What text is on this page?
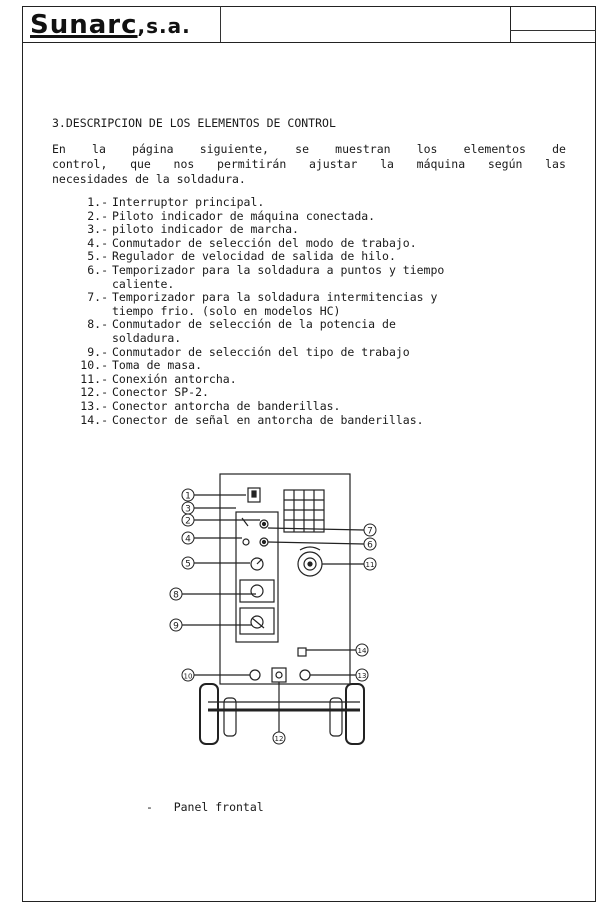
Sunarc,s.a.
3.DESCRIPCION DE LOS ELEMENTOS DE CONTROL
En la página siguiente, se muestran los elementos de
control, que nos permitirán ajustar la máquina según las
necesidades de la soldadura.
1.- Interruptor principal.
2.- Piloto indicador de máquina conectada.
3.- piloto indicador de marcha.
4.- Conmutador de selección del modo de trabajo.
5.- Regulador de velocidad de salida de hilo.
6.- Temporizador para la soldadura a puntos y tiempo
caliente.
7.- Temporizador para la soldadura intermitencias y
tiempo frio. (solo en modelos HC)
8.- Conmutador de selección de la potencia de
soldadura.
9.- Conmutador de selección del tipo de trabajo
10.- Toma de masa.
11.- Conexión antorcha.
12.- Conector SP-2.
13.- Conector antorcha de banderillas.
14.- Conector de señal en antorcha de banderillas.
1
2
3
4
5
6
7
8
9
10
11
12
13
14
-   Panel frontal
